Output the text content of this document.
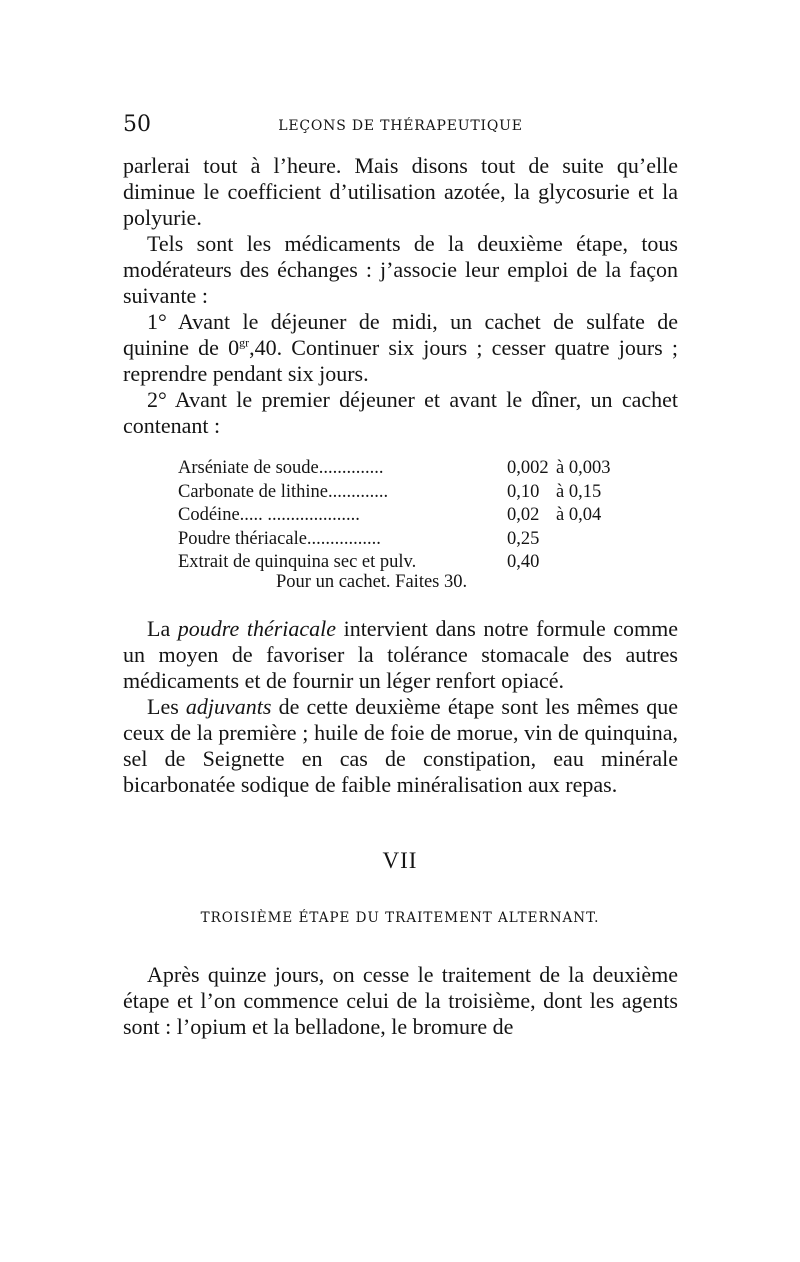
50	LEÇONS DE THÉRAPEUTIQUE

parlerai tout à l’heure. Mais disons tout de suite qu’elle diminue le coefficient d’utilisation azotée, la glycosurie et la polyurie.

Tels sont les médicaments de la deuxième étape, tous modérateurs des échanges : j’associe leur emploi de la façon suivante :

1° Avant le déjeuner de midi, un cachet de sulfate de quinine de $0^{gr},40$. Continuer six jours ; cesser quatre jours ; reprendre pendant six jours.

2° Avant le premier déjeuner et avant le dîner, un cachet contenant :

Arséniate de soude..............	0,002 à 0,003
Carbonate de lithine.............	0,10 à 0,15
Codéine..... ....................	0,02 à 0,04
Poudre thériacale................	0,25
Extrait de quinquina sec et pulv.	0,40
Pour un cachet. Faites 30.

La poudre thériacale intervient dans notre formule comme un moyen de favoriser la tolérance stomacale des autres médicaments et de fournir un léger renfort opiacé.

Les adjuvants de cette deuxième étape sont les mêmes que ceux de la première ; huile de foie de morue, vin de quinquina, sel de Seignette en cas de constipation, eau minérale bicarbonatée sodique de faible minéralisation aux repas.

VII
TROISIÈME ÉTAPE DU TRAITEMENT ALTERNANT.

Après quinze jours, on cesse le traitement de la deuxième étape et l’on commence celui de la troisième, dont les agents sont : l’opium et la belladone, le bromure de
